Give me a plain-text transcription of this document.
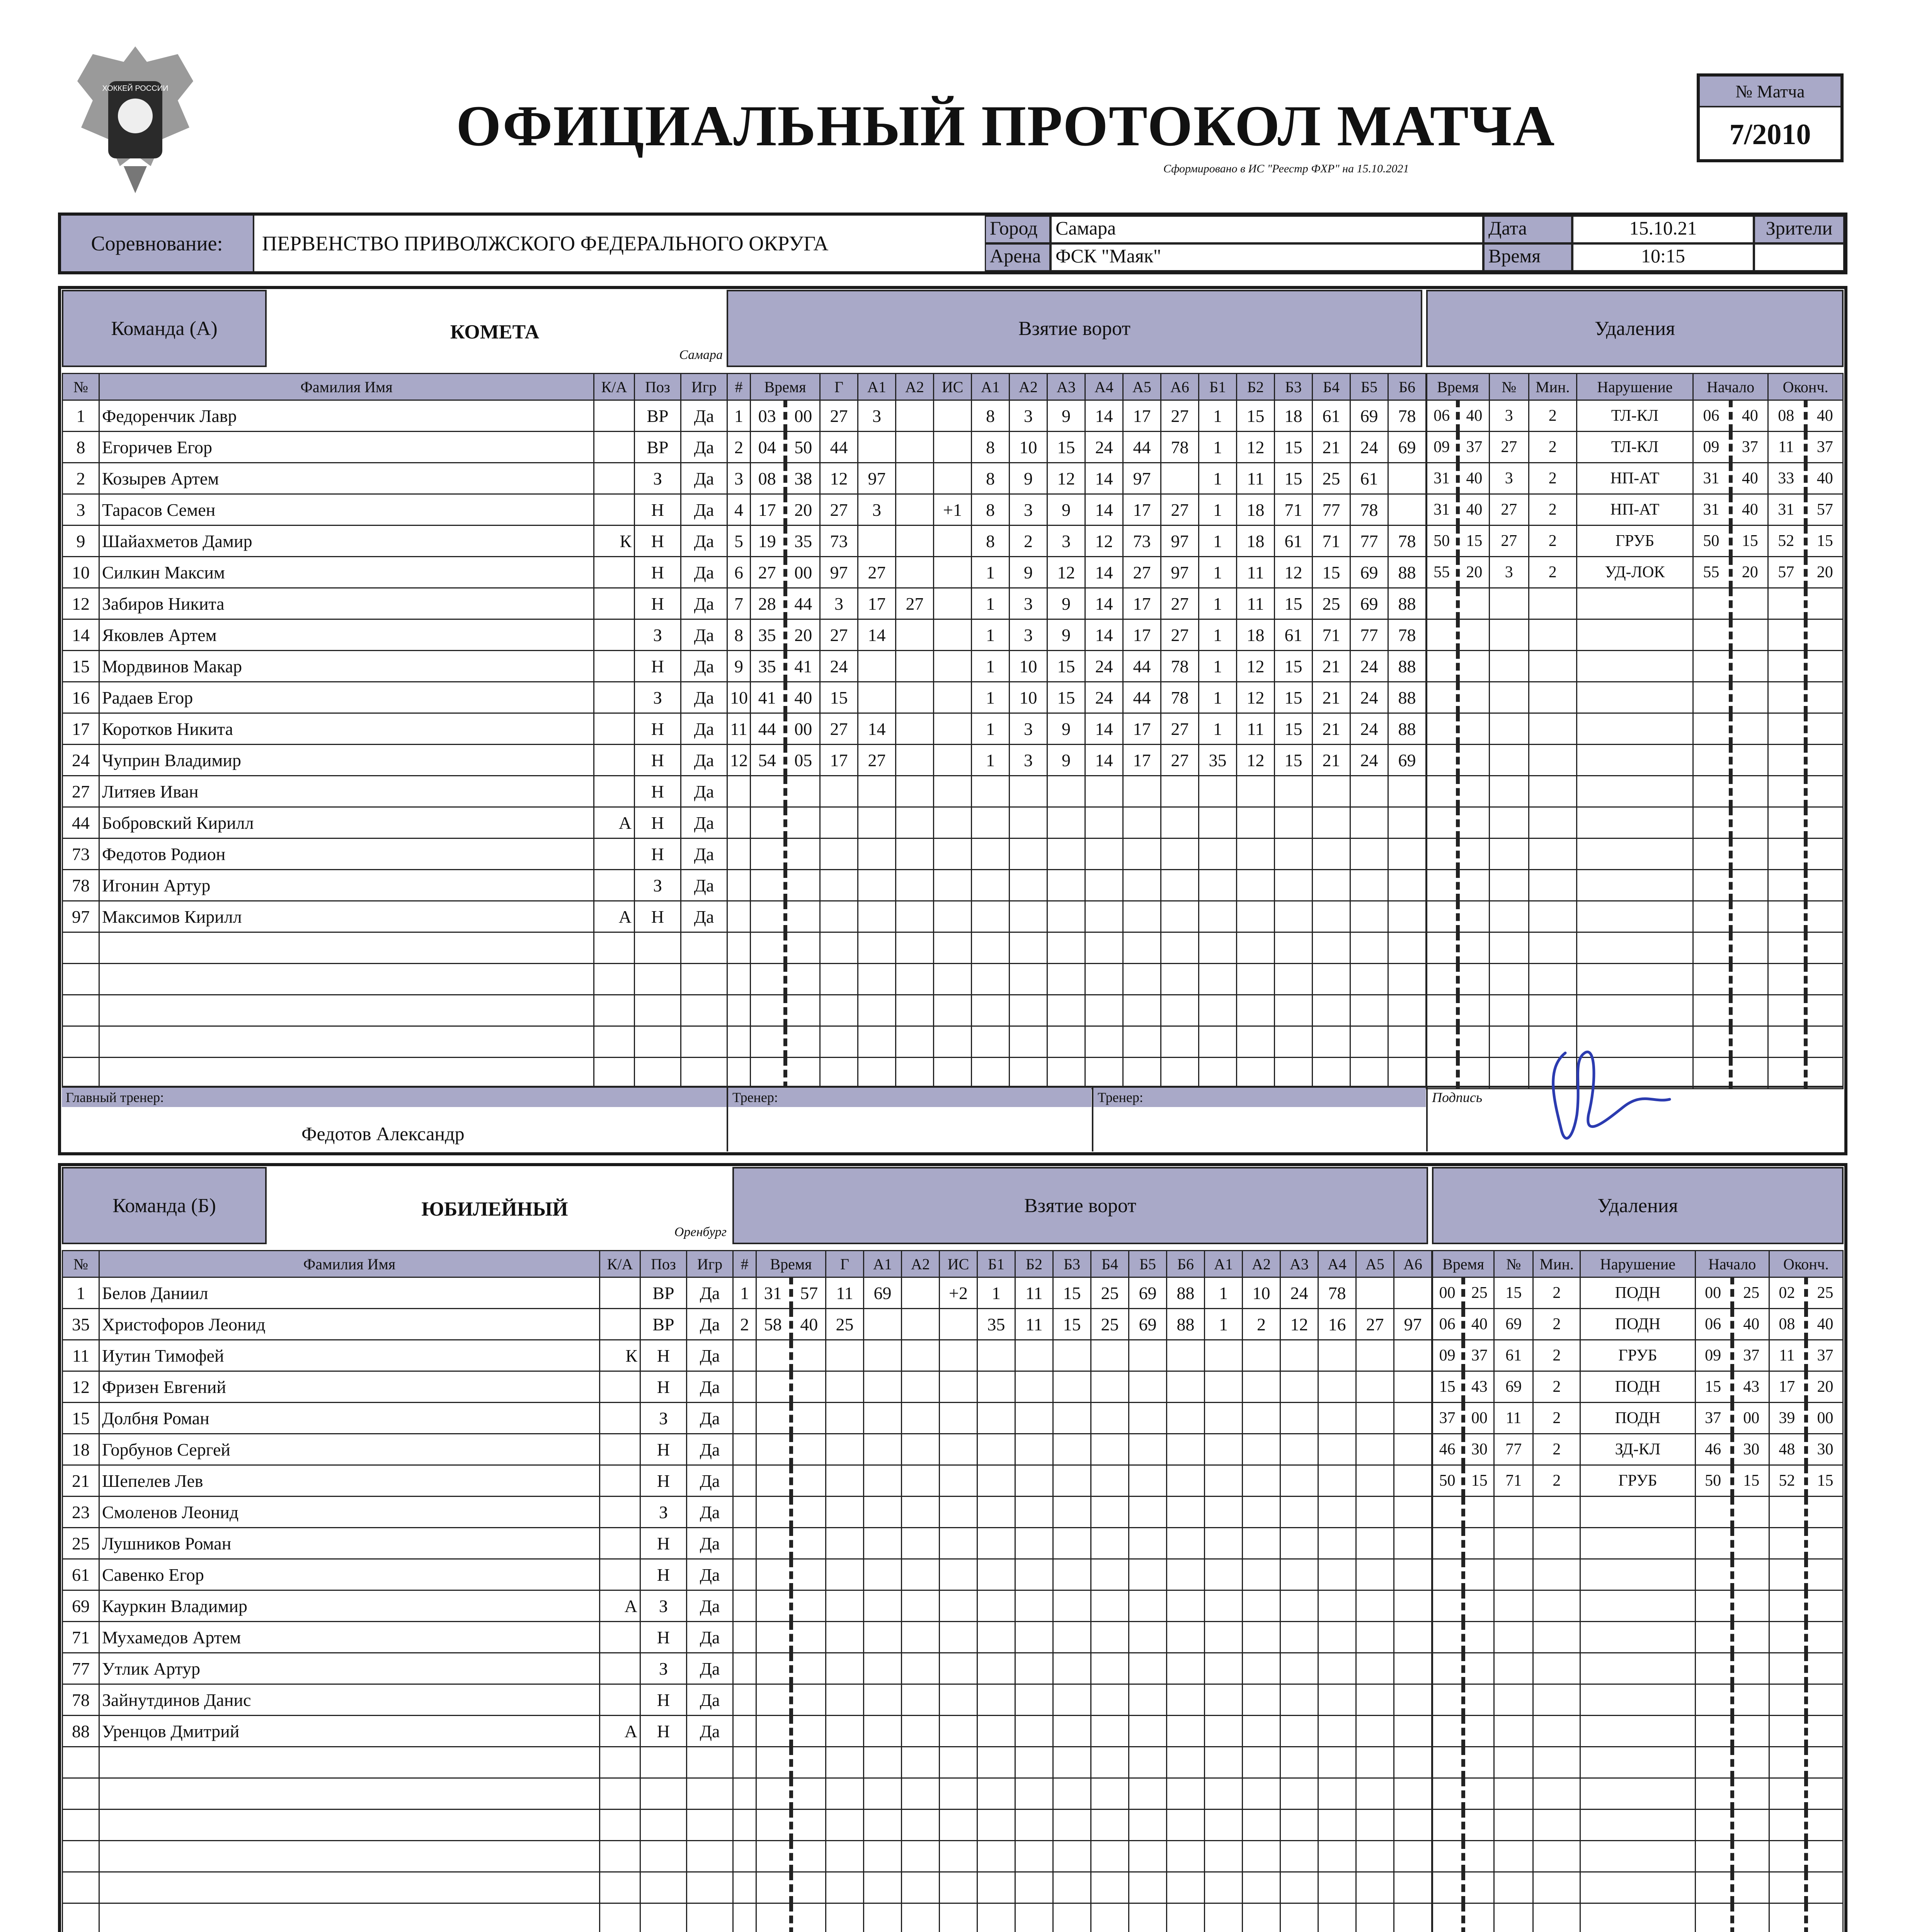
ХОККЕЙ РОССИИ
ОФИЦИАЛЬНЫЙ ПРОТОКОЛ МАТЧА
Сформировано в ИС "Реестр ФХР" на 15.10.2021
№ Матча
7/2010
Соревнование:	ПЕРВЕНСТВО ПРИВОЛЖСКОГО ФЕДЕРАЛЬНОГО ОКРУГА
Город Самара
Арена ФСК "Маяк"
Дата	15.10.21
Время	10:15
Зрители
Команда (А)	КОМЕТА
Самара
Взятие ворот	Удаления
№	Фамилия Имя	К/А	Поз	Игр
1	Федоренчик Лавр		ВР	Да
8	Егоричев Егор		ВР	Да
2	Козырев Артем		З	Да
3	Тарасов Семен		Н	Да
9	Шайахметов Дамир	К	Н	Да
10	Силкин Максим		Н	Да
12	Забиров Никита		Н	Да
14	Яковлев Артем		З	Да
15	Мордвинов Макар		Н	Да
16	Радаев Егор		З	Да
17	Коротков Никита		Н	Да
24	Чуприн Владимир		Н	Да
27	Литяев Иван		Н	Да
44	Бобровский Кирилл	А	Н	Да
73	Федотов Родион		Н	Да
78	Игонин Артур		З	Да
97	Максимов Кирилл	А	Н	Да

#	Время		Г	А1	А2	ИС	А1	А2	А3	А4	А5	А6	Б1	Б2	Б3	Б4	Б5	Б6
1	03	00	27	3			8	3	9	14	17	27	1	15	18	61	69	78
2	04	50	44				8	10	15	24	44	78	1	12	15	21	24	69
3	08	38	12	97			8	9	12	14	97		1	11	15	25	61	
4	17	20	27	3		+1	8	3	9	14	17	27	1	18	71	77	78	
5	19	35	73				8	2	3	12	73	97	1	18	61	71	77	78
6	27	00	97	27			1	9	12	14	27	97	1	11	12	15	69	88
7	28	44	3	17	27		1	3	9	14	17	27	1	11	15	25	69	88
8	35	20	27	14			1	3	9	14	17	27	1	18	61	71	77	78
9	35	41	24				1	10	15	24	44	78	1	12	15	21	24	88
10	41	40	15				1	10	15	24	44	78	1	12	15	21	24	88
11	44	00	27	14			1	3	9	14	17	27	1	11	15	21	24	88
12	54	05	17	27			1	3	9	14	17	27	35	12	15	21	24	69

Время		№	Мин.	Нарушение	Начало		Оконч.	
06	40	3	2	ТЛ-КЛ	06	40	08	40
09	37	27	2	ТЛ-КЛ	09	37	11	37
31	40	3	2	НП-АТ	31	40	33	40
31	40	27	2	НП-АТ	31	40	31	57
50	15	27	2	ГРУБ	50	15	52	15
55	20	3	2	УД-ЛОК	55	20	57	20

Главный тренер:
Федотов Александр
Тренер:	Тренер:	Подпись
Команда (Б)	ЮБИЛЕЙНЫЙ
Оренбург
Взятие ворот	Удаления
№	Фамилия Имя	К/А	Поз	Игр
1	Белов Даниил		ВР	Да
35	Христофоров Леонид		ВР	Да
11	Иутин Тимофей	К	Н	Да
12	Фризен Евгений		Н	Да
15	Долбня Роман		З	Да
18	Горбунов Сергей		Н	Да
21	Шепелев Лев		Н	Да
23	Смоленов Леонид		З	Да
25	Лушников Роман		Н	Да
61	Савенко Егор		Н	Да
69	Кауркин Владимир	А	З	Да
71	Мухамедов Артем		Н	Да
77	Утлик Артур		З	Да
78	Зайнутдинов Данис		Н	Да
88	Уренцов Дмитрий	А	Н	Да

#	Время		Г	А1	А2	ИС	Б1	Б2	Б3	Б4	Б5	Б6	А1	А2	А3	А4	А5	А6
1	31	57	11	69		+2	1	11	15	25	69	88	1	10	24	78		
2	58	40	25				35	11	15	25	69	88	1	2	12	16	27	97

Время		№	Мин.	Нарушение	Начало		Оконч.	
00	25	15	2	ПОДН	00	25	02	25
06	40	69	2	ПОДН	06	40	08	40
09	37	61	2	ГРУБ	09	37	11	37
15	43	69	2	ПОДН	15	43	17	20
37	00	11	2	ПОДН	37	00	39	00
46	30	77	2	ЗД-КЛ	46	30	48	30
50	15	71	2	ГРУБ	50	15	52	15
